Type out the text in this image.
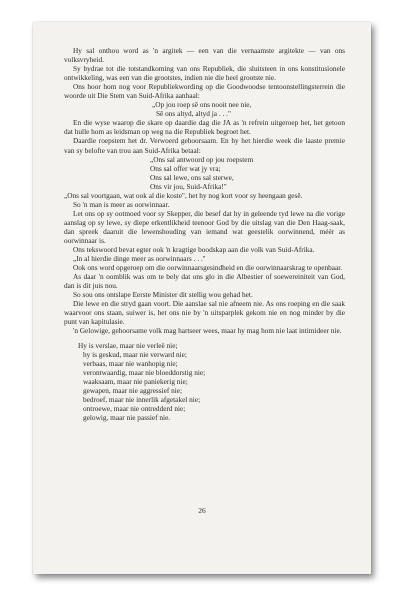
Hy sal onthou word as 'n argitek — een van die vernaamste argitekte — van ons volksvryheid.

Sy bydrae tot die totstandkoming van ons Republiek, die sluitsteen in ons konstitusionele ontwikkeling, was een van die grootstes, indien nie die heel grootste nie.

Ons hoor hom nog voor Republiekwording op die Goodwoodse tentoonstellingsterrein die woorde uit Die Stem van Suid-Afrika aanhaal:

„Op jou roep sê ons nooit nee nie,
Sê ons altyd, altyd ja . . ."

En die wyse waarop die skare op daardie dag die JA as 'n refrein uitgeroep het, het getoon dat hulle hom as leidsman op weg na die Republiek begroet het.

Daardie roepstem het dr. Verwoerd gehoorsaam. En hy het hierdie week die laaste premie van sy belofte van trou aan Suid-Afrika betaal:

„Ons sal antwoord op jou roepstem
Ons sal offer wat jy vra;
Ons sal lewe, ons sal sterwe,
Ons vir jou, Suid-Afrika!"

„Ons sal voortgaan, wat ook al die koste", het hy nog kort voor sy heengaan gesê.

So 'n man is meer as oorwinnaar.

Let ons op sy ootmoed voor sy Skepper, die besef dat hy in geleende tyd lewe na die vorige aanslag op sy lewe, sy diepe erkentlikheid teenoor God by die uitslag van die Den Haag-saak, dan spreek daaruit die lewenshouding van iemand wat geestelik oorwinnend, méér as oorwinnaar is.

Ons tekswoord bevat egter ook 'n kragtige boodskap aan die volk van Suid-Afrika.

„In al hierdie dinge meer as oorwinnaars . . ."

Ook ons word opgeroep om die oorwinnaarsgesindheid en die oorwinnaarskrag te openbaar.

As daar 'n oomblik was om te bely dat ons glo in die Albestier of soewereiniteit van God, dan is dit juis nou.

So sou ons ontslape Eerste Minister dit stellig wou gehad het.

Die lewe en die stryd gaan voort. Die aanslae sal nie afneem nie. As ons roeping en die saak waarvoor ons staan, suiwer is, het ons nie by 'n uitsparplek gekom nie en nog minder by die punt van kapitulasie.

'n Gelowige, gehoorsame volk mag hartseer wees, maar hy mag hom nie laat intimideer nie.

Hy is verslae, maar nie verleë nie;
hy is geskud, maar nie verward nie;
verbaas, maar nie wanhopig nie;
verontwaardig, maar nie bloeddorstig nie;
waaksaam, maar nie paniekerig nie;
gewapen, maar nie aggressief nie;
bedroef, maar nie innerlik afgetakel nie;
ontroewe, maar nie ontredderd nie;
gelowig, maar nie passief nie.
26
